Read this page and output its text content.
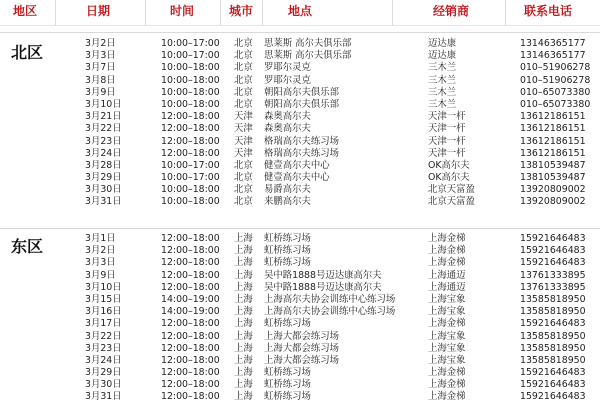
地区	日期	时间	城市	地点	经销商	联系电话
北区	3月2日	10:00–17:00 北京 思莱斯 高尔夫俱乐部	迈达康	13146365177
3月3日	10:00–17:00 北京 思莱斯 高尔夫俱乐部	迈达康	13146365177
3月7日	10:00–18:00 北京 罗耶尔灵克	三木兰	010–51906278
3月8日	10:00–18:00 北京 罗耶尔灵克	三木兰	010–51906278
3月9日	10:00–18:00 北京 朝阳高尔夫俱乐部	三木兰	010–65073380
3月10日	10:00–18:00 北京 朝阳高尔夫俱乐部	三木兰	010–65073380
3月21日	12:00–18:00 天津 森奥高尔夫	天津一杆	13612186151
3月22日	12:00–18:00 天津 森奥高尔夫	天津一杆	13612186151
3月23日	12:00–18:00 天津 格瑞高尔夫练习场	天津一杆	13612186151
3月24日	12:00–18:00 天津 格瑞高尔夫练习场	天津一杆	13612186151
3月28日	10:00–17:00 北京 健壹高尔夫中心	OK高尔夫	13810539487
3月29日	10:00–17:00 北京 健壹高尔夫中心	OK高尔夫	13810539487
3月30日	10:00–18:00 北京 易爵高尔夫	北京天富盈	13920809002
3月31日	10:00–18:00 北京 来鹏高尔夫	北京天富盈	13920809002
东区	3月1日	12:00–18:00 上海 虹桥练习场	上海金梯	15921646483
3月2日	12:00–18:00 上海 虹桥练习场	上海金梯	15921646483
3月3日	12:00–18:00 上海 虹桥练习场	上海金梯	15921646483
3月9日	12:00–18:00 上海 吴中路1888号迈达康高尔夫	上海通迈	13761333895
3月10日	12:00–18:00 上海 吴中路1888号迈达康高尔夫	上海通迈	13761333895
3月15日	14:00–19:00 上海 上海高尔夫协会训练中心练习场	上海宝象	13585818950
3月16日	14:00–19:00 上海 上海高尔夫协会训练中心练习场	上海宝象	13585818950
3月17日	12:00–18:00 上海 虹桥练习场	上海金梯	15921646483
3月22日	12:00–18:00 上海 上海大都会练习场	上海宝象	13585818950
3月23日	12:00–18:00 上海 上海大都会练习场	上海宝象	13585818950
3月24日	12:00–18:00 上海 上海大都会练习场	上海宝象	13585818950
3月29日	12:00–18:00 上海 虹桥练习场	上海金梯	15921646483
3月30日	12:00–18:00 上海 虹桥练习场	上海金梯	15921646483
3月31日	12:00–18:00 上海 虹桥练习场	上海金梯	15921646483
